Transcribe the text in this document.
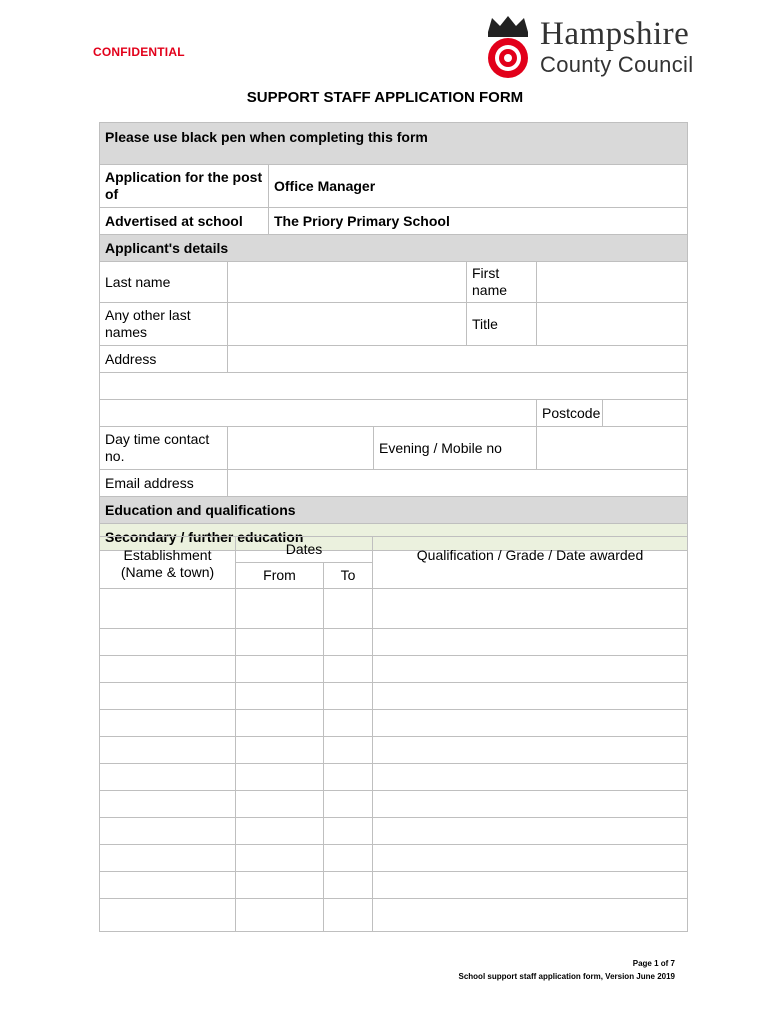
CONFIDENTIAL	Hampshire
County Council
SUPPORT STAFF APPLICATION FORM
Please use black pen when completing this form						
Application for the post of		Office Manager				
Advertised at school		The Priory Primary School				
Applicant's details						
Last name				First name		
Any other last names				Title		
Address						

					Postcode	
Day time contact no.			Evening / Mobile no			
Email address						
Education and qualifications						
Secondary / further education						
Establishment (Name & town)	Dates		Qualification / Grade / Date awarded
	From	To	

Page 1 of 7
School support staff application form, Version June 2019
